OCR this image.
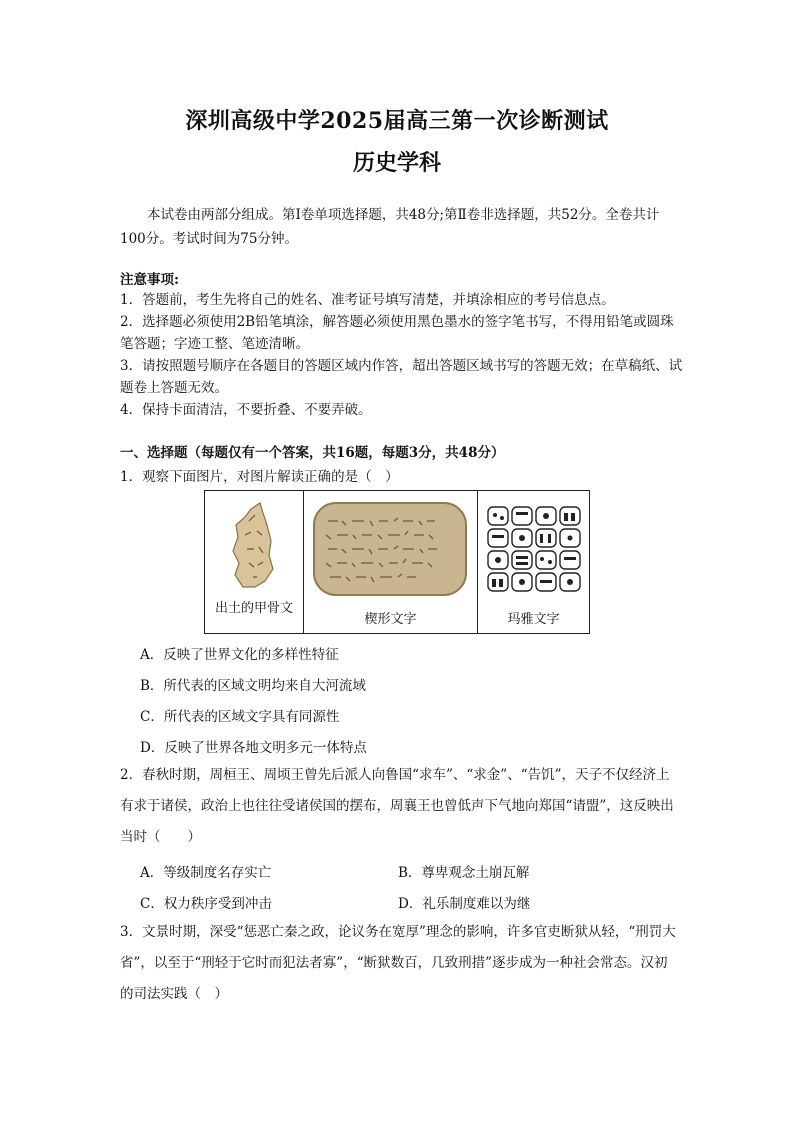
深圳高级中学2025届高三第一次诊断测试
历史学科
本试卷由两部分组成。第Ⅰ卷单项选择题，共48分;第Ⅱ卷非选择题，共52分。全卷共计100分。考试时间为75分钟。
注意事项:

1．答题前，考生先将自己的姓名、准考证号填写清楚，并填涂相应的考号信息点。

2．选择题必须使用2B铅笔填涂，解答题必须使用黑色墨水的签字笔书写，不得用铅笔或圆珠笔答题；字迹工整、笔迹清晰。

3．请按照题号顺序在各题目的答题区域内作答，超出答题区域书写的答题无效；在草稿纸、试题卷上答题无效。

4．保持卡面清洁，不要折叠、不要弄破。

一、选择题（每题仅有一个答案，共16题，每题3分，共48分）
1．观察下面图片，对图片解读正确的是（　）
出土的甲骨文
楔形文字	玛雅文字
A．反映了世界文化的多样性特征
B．所代表的区域文明均来自大河流域
C．所代表的区域文字具有同源性
D．反映了世界各地文明多元一体特点
2．春秋时期，周桓王、周顷王曾先后派人向鲁国“求车”、“求金”、“告饥”，天子不仅经济上有求于诸侯，政治上也往往受诸侯国的摆布，周襄王也曾低声下气地向郑国“请盟”，这反映出当时（　　）
A．等级制度名存实亡	B．尊卑观念土崩瓦解
C．权力秩序受到冲击	D．礼乐制度难以为继
3．文景时期，深受“惩恶亡秦之政，论议务在宽厚”理念的影响，许多官吏断狱从轻，“刑罚大省”，以至于“刑轻于它时而犯法者寡”，“断狱数百，几致刑措”逐步成为一种社会常态。汉初的司法实践（　）
